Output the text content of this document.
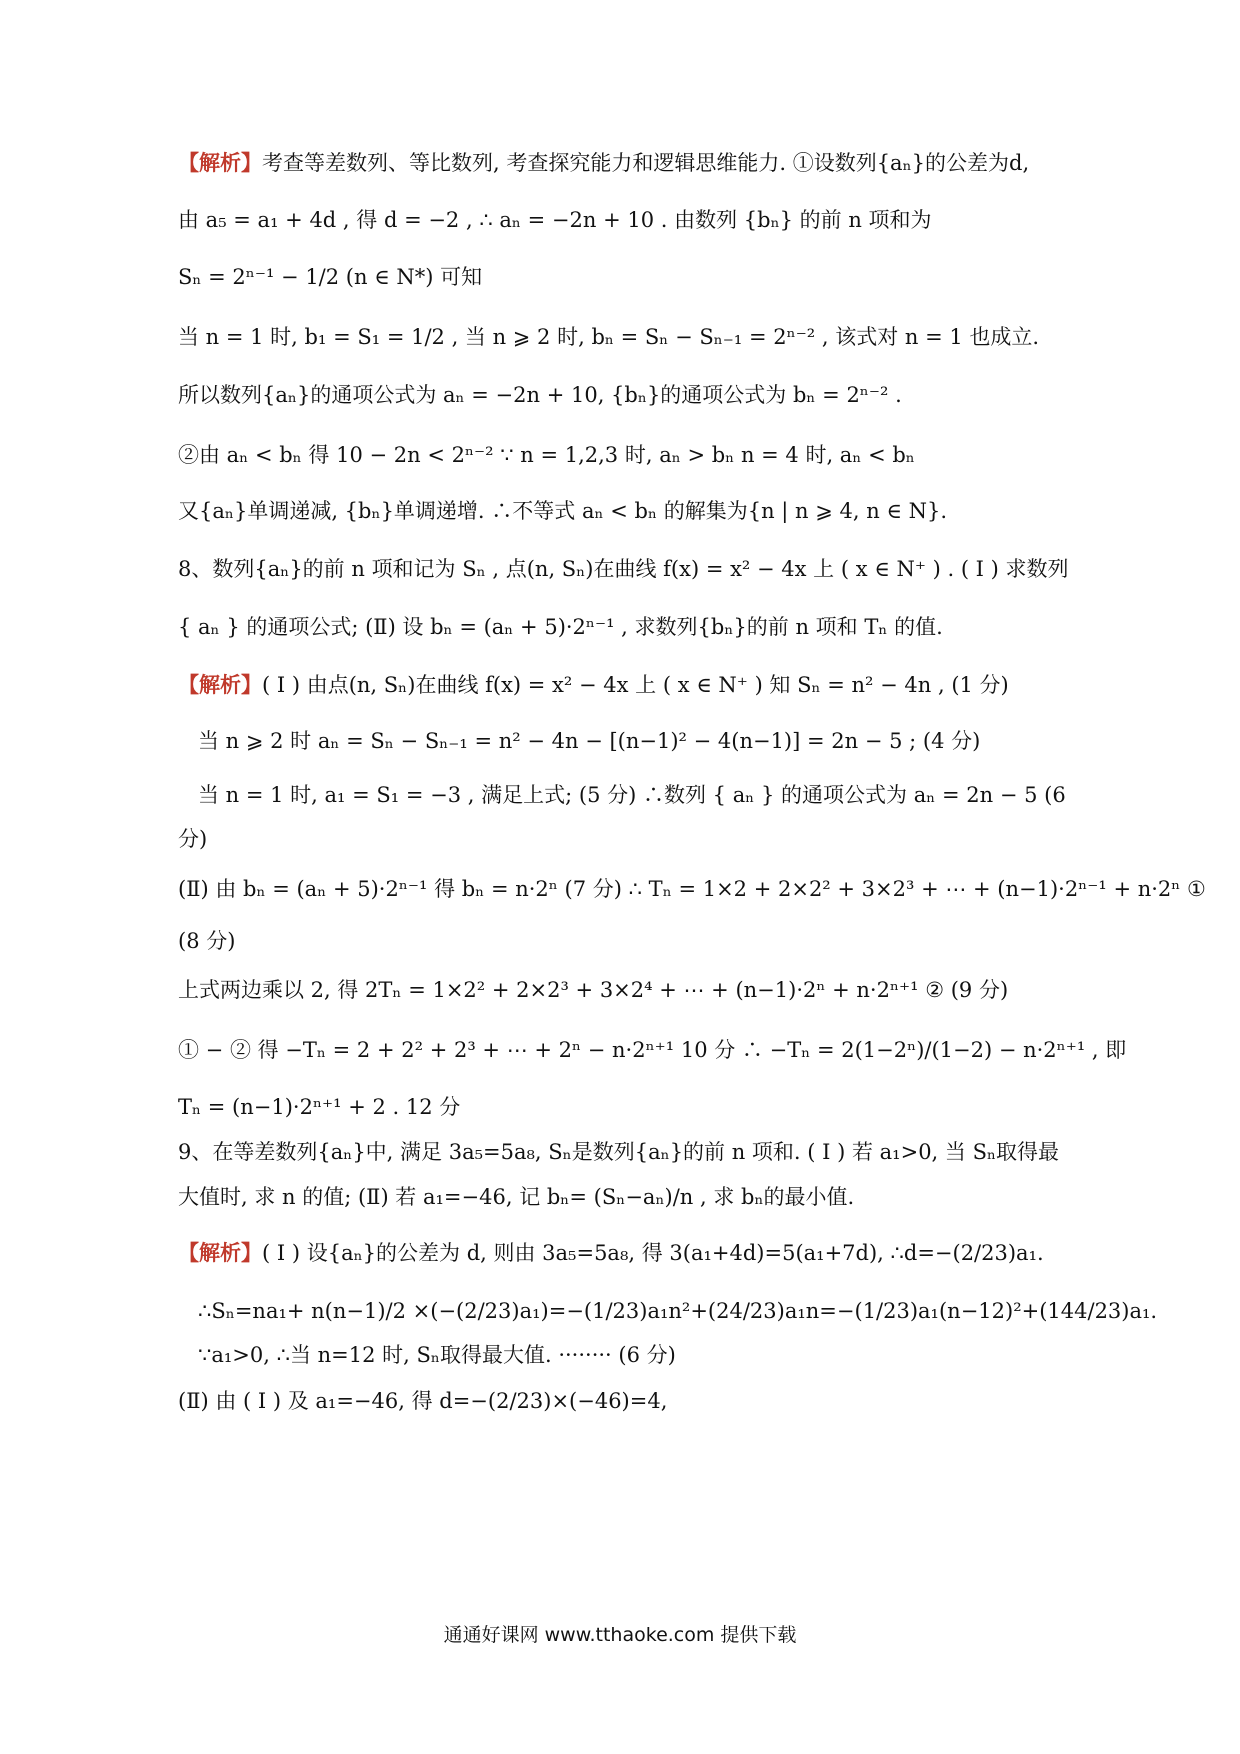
【解析】考查等差数列、等比数列, 考查探究能力和逻辑思维能力. ①设数列{aₙ}的公差为d,
由 a₅ = a₁ + 4d , 得 d = −2 , ∴ aₙ = −2n + 10 . 由数列 {bₙ} 的前 n 项和为
Sₙ = 2ⁿ⁻¹ − 1/2 (n ∈ N*) 可知
当 n = 1 时, b₁ = S₁ = 1/2 , 当 n ⩾ 2 时, bₙ = Sₙ − Sₙ₋₁ = 2ⁿ⁻² , 该式对 n = 1 也成立.
所以数列{aₙ}的通项公式为 aₙ = −2n + 10, {bₙ}的通项公式为 bₙ = 2ⁿ⁻² .
②由 aₙ < bₙ 得 10 − 2n < 2ⁿ⁻² ∵ n = 1,2,3 时, aₙ > bₙ n = 4 时, aₙ < bₙ
又{aₙ}单调递减, {bₙ}单调递增. ∴不等式 aₙ < bₙ 的解集为{n | n ⩾ 4, n ∈ N}.
8、数列{aₙ}的前 n 项和记为 Sₙ , 点(n, Sₙ)在曲线 f(x) = x² − 4x 上 ( x ∈ N⁺ ) . ( Ⅰ ) 求数列
{ aₙ } 的通项公式; (Ⅱ) 设 bₙ = (aₙ + 5)·2ⁿ⁻¹ , 求数列{bₙ}的前 n 项和 Tₙ 的值.
【解析】( Ⅰ ) 由点(n, Sₙ)在曲线 f(x) = x² − 4x 上 ( x ∈ N⁺ ) 知 Sₙ = n² − 4n , (1 分)
当 n ⩾ 2 时 aₙ = Sₙ − Sₙ₋₁ = n² − 4n − [(n−1)² − 4(n−1)] = 2n − 5 ; (4 分)
当 n = 1 时, a₁ = S₁ = −3 , 满足上式; (5 分) ∴数列 { aₙ } 的通项公式为 aₙ = 2n − 5 (6
分)
(Ⅱ) 由 bₙ = (aₙ + 5)·2ⁿ⁻¹ 得 bₙ = n·2ⁿ (7 分) ∴ Tₙ = 1×2 + 2×2² + 3×2³ + ⋯ + (n−1)·2ⁿ⁻¹ + n·2ⁿ ①
(8 分)
上式两边乘以 2, 得 2Tₙ = 1×2² + 2×2³ + 3×2⁴ + ⋯ + (n−1)·2ⁿ + n·2ⁿ⁺¹ ② (9 分)
① − ② 得 −Tₙ = 2 + 2² + 2³ + ⋯ + 2ⁿ − n·2ⁿ⁺¹ 10 分 ∴ −Tₙ = 2(1−2ⁿ)/(1−2) − n·2ⁿ⁺¹ , 即
Tₙ = (n−1)·2ⁿ⁺¹ + 2 . 12 分
9、在等差数列{aₙ}中, 满足 3a₅=5a₈, Sₙ是数列{aₙ}的前 n 项和. ( Ⅰ ) 若 a₁>0, 当 Sₙ取得最
大值时, 求 n 的值; (Ⅱ) 若 a₁=−46, 记 bₙ= (Sₙ−aₙ)/n , 求 bₙ的最小值.
【解析】( Ⅰ ) 设{aₙ}的公差为 d, 则由 3a₅=5a₈, 得 3(a₁+4d)=5(a₁+7d), ∴d=−(2/23)a₁.
∴Sₙ=na₁+ n(n−1)/2 ×(−(2/23)a₁)=−(1/23)a₁n²+(24/23)a₁n=−(1/23)a₁(n−12)²+(144/23)a₁.
∵a₁>0, ∴当 n=12 时, Sₙ取得最大值. ········ (6 分)
(Ⅱ) 由 ( Ⅰ ) 及 a₁=−46, 得 d=−(2/23)×(−46)=4,
通通好课网 www.tthaoke.com 提供下载
